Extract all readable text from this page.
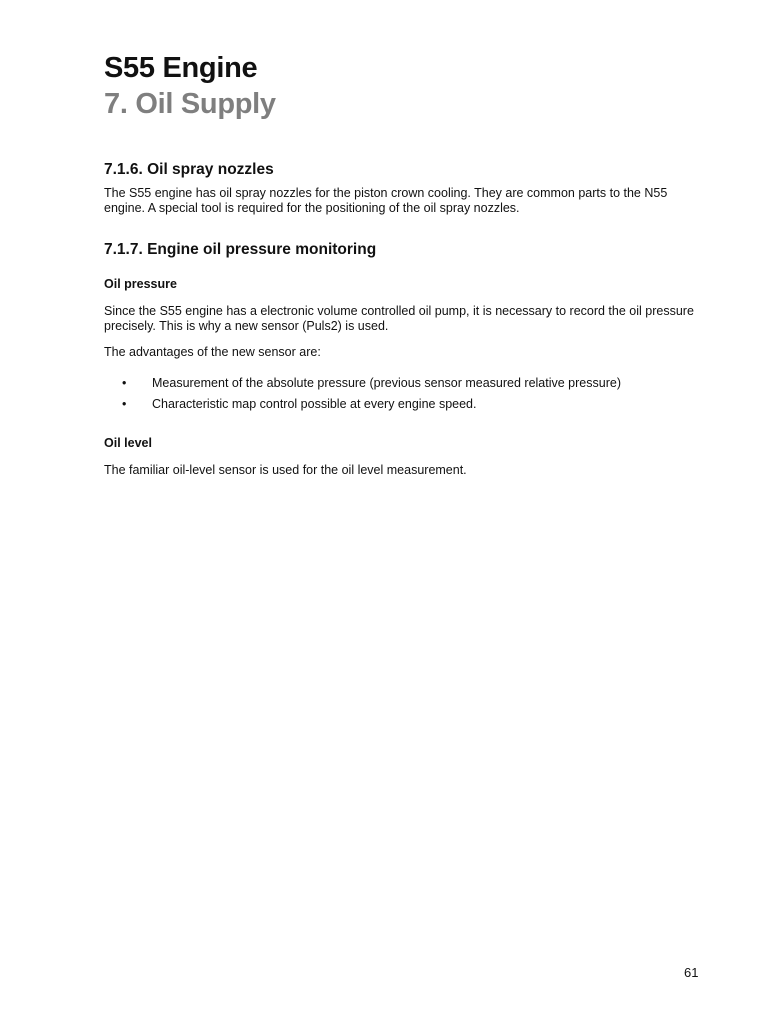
S55 Engine
7. Oil Supply
7.1.6. Oil spray nozzles

The S55 engine has oil spray nozzles for the piston crown cooling. They are common parts to the N55 engine. A special tool is required for the positioning of the oil spray nozzles.

7.1.7. Engine oil pressure monitoring
Oil pressure

Since the S55 engine has a electronic volume controlled oil pump, it is necessary to record the oil pressure precisely. This is why a new sensor (Puls2) is used.

The advantages of the new sensor are:

• Measurement of the absolute pressure (previous sensor measured relative pressure)
• Characteristic map control possible at every engine speed.
Oil level

The familiar oil-level sensor is used for the oil level measurement.

61
